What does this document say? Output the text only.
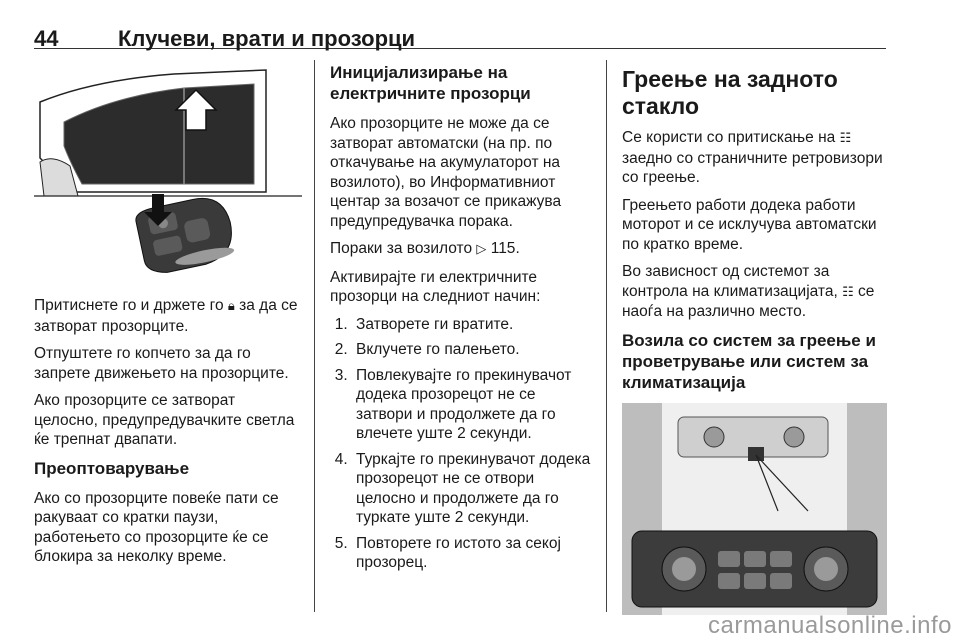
44	Клучеви, врати и прозорци

Притиснете го и држете го 🔒︎ за да се затворат прозорците.

Отпуштете го копчето за да го запрете движењето на прозорците.

Ако прозорците се затворат целосно, предупредувачките светла ќе трепнат двапати.

Преоптоварување

Ако со прозорците повеќе пати се ракуваат со кратки паузи, работењето со прозорците ќе се блокира за неколку време.

Иницијализирање на електричните прозорци

Ако прозорците не може да се затворат автоматски (на пр. по откачување на акумулаторот на возилото), во Информативниот центар за возачот се прикажува предупредувачка порака.

Пораки за возилото ▷ 115.

Активирајте ги електричните прозорци на следниот начин:

1. Затворете ги вратите.
2. Вклучете го палењето.
3. Повлекувајте го прекинувачот додека прозорецот не се затвори и продолжете да го влечете уште 2 секунди.
4. Туркајте го прекинувачот додека прозорецот не се отвори целосно и продолжете да го туркате уште 2 секунди.
5. Повторете го истото за секој прозорец.
Греење на задното стакло

Се користи со притискање на ☷ заедно со страничните ретровизори со греење.

Греењето работи додека работи моторот и се исклучува автоматски по кратко време.

Во зависност од системот за контрола на климатизацијата, ☷ се наоѓа на различно место.

Возила со систем за греење и проветрување или систем за климатизација
carmanualsonline.info
